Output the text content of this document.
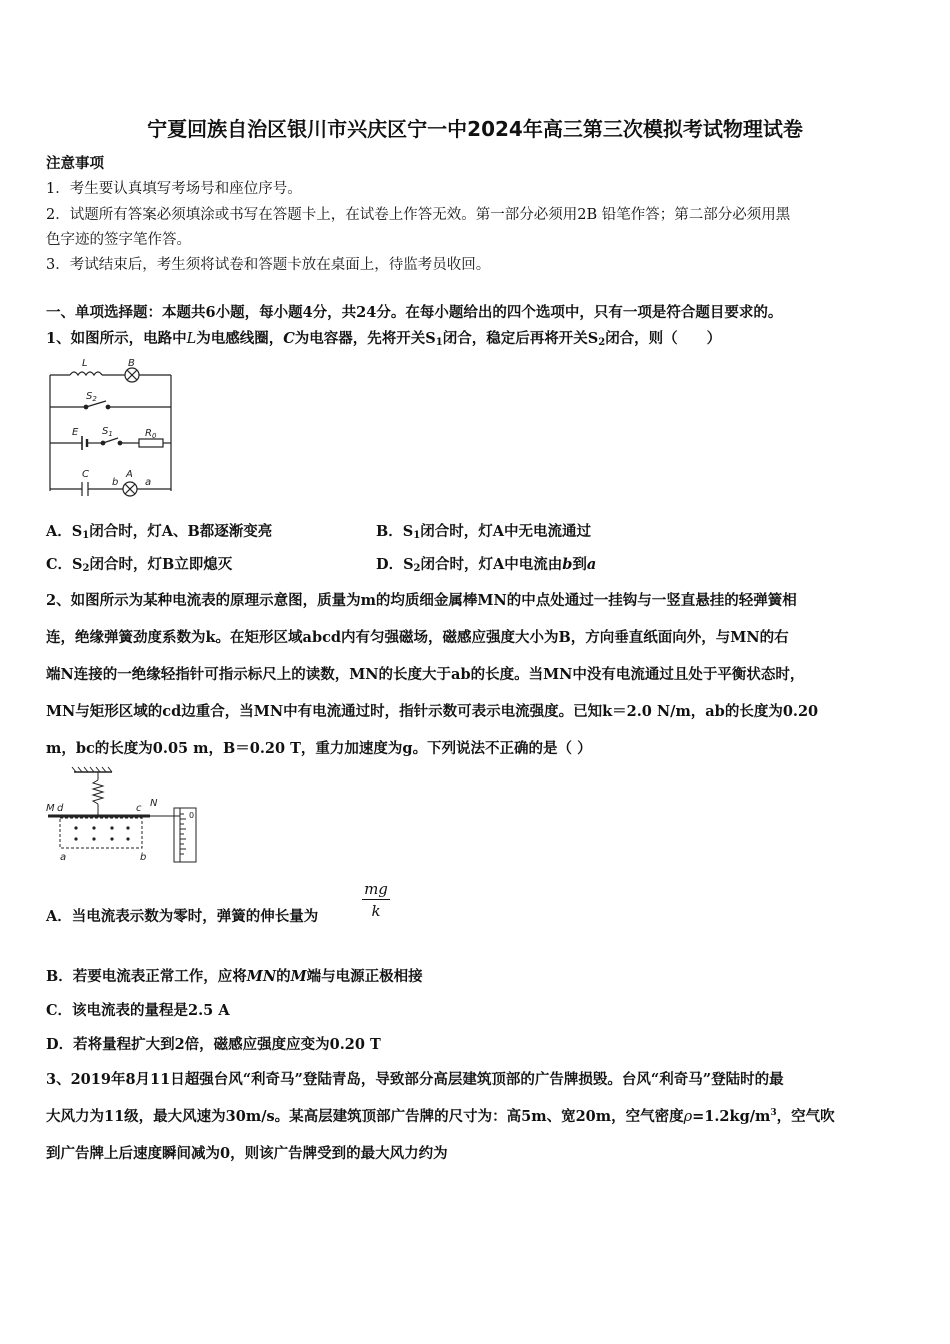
宁夏回族自治区银川市兴庆区宁一中2024年高三第三次模拟考试物理试卷
注意事项
1．考生要认真填写考场号和座位序号。
2．试题所有答案必须填涂或书写在答题卡上，在试卷上作答无效。第一部分必须用2B 铅笔作答；第二部分必须用黑
色字迹的签字笔作答。
3．考试结束后，考生须将试卷和答题卡放在桌面上，待监考员收回。
一、单项选择题：本题共6小题，每小题4分，共24分。在每小题给出的四个选项中，只有一项是符合题目要求的。
1、如图所示，电路中L为电感线圈，C为电容器，先将开关$S_1$闭合，稳定后再将开关$S_2$闭合，则（　　）
L	B
$S_2$
E $S_1$	$R_0$
C
b
A
a
A．$S_1$闭合时，灯A、B都逐渐变亮	B．$S_1$闭合时，灯A中无电流通过
C．$S_2$闭合时，灯B立即熄灭	D．$S_2$闭合时，灯A中电流由b到a
2、如图所示为某种电流表的原理示意图，质量为m的均质细金属棒MN的中点处通过一挂钩与一竖直悬挂的轻弹簧相
连，绝缘弹簧劲度系数为k。在矩形区域abcd内有匀强磁场，磁感应强度大小为B，方向垂直纸面向外，与MN的右
端N连接的一绝缘轻指针可指示标尺上的读数，MN的长度大于ab的长度。当MN中没有电流通过且处于平衡状态时，
MN与矩形区域的cd边重合，当MN中有电流通过时，指针示数可表示电流强度。已知k＝2.0 N/m，ab的长度为0.20
m，bc的长度为0.05 m，B＝0.20 T，重力加速度为g。下列说法不正确的是（ ）
M d	c N
0
a	b
A．当电流表示数为零时，弹簧的伸长量为	$\frac{mg}{k}$
B．若要电流表正常工作，应将MN的M端与电源正极相接
C．该电流表的量程是2.5 A
D．若将量程扩大到2倍，磁感应强度应变为0.20 T
3、2019年8月11日超强台风“利奇马”登陆青岛，导致部分高层建筑顶部的广告牌损毁。台风“利奇马”登陆时的最
大风力为11级，最大风速为30m/s。某高层建筑顶部广告牌的尺寸为：高5m、宽20m，空气密度$\rho=1.2kg/m^3$，空气吹
到广告牌上后速度瞬间减为0，则该广告牌受到的最大风力约为
